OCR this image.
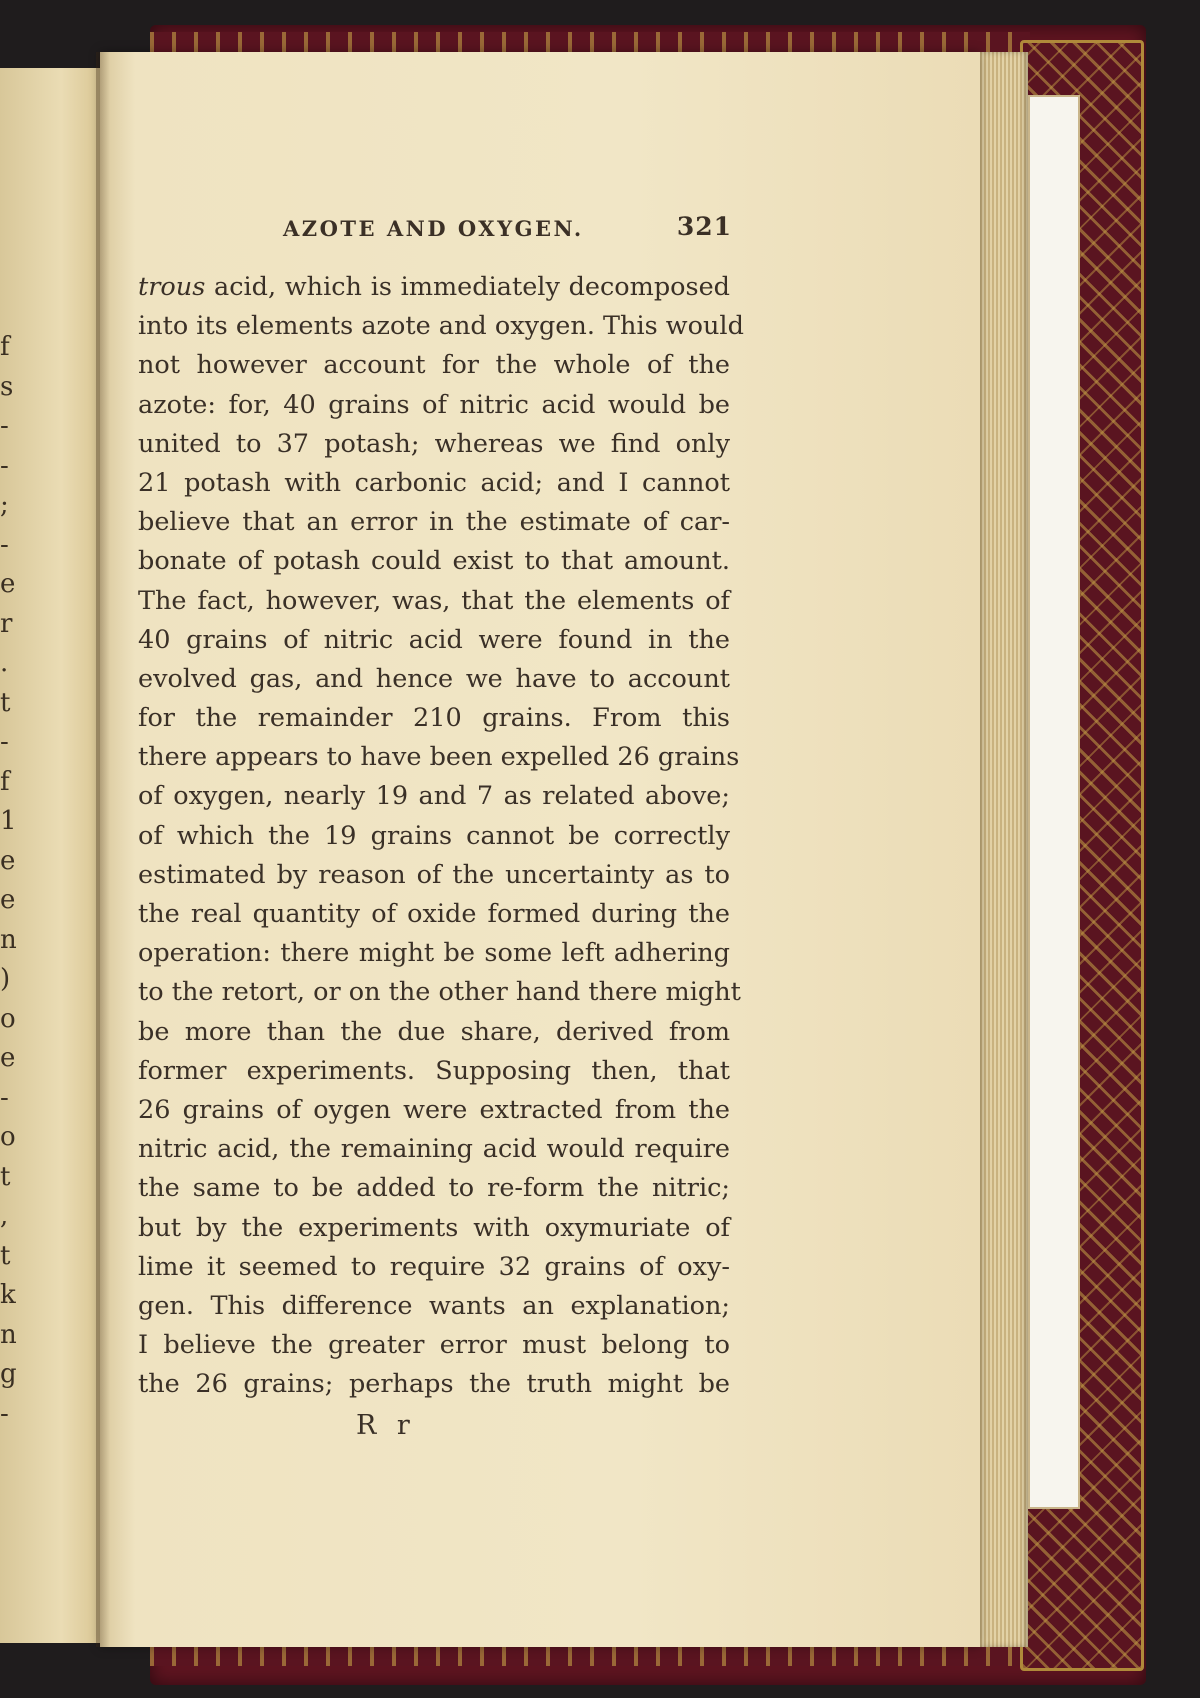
f
s
-
-
;
-
e
r
.
t
-
f
1
e
e
n
)
o
e
-
o
t
,
t
k
n
g
-
AZOTE AND OXYGEN.	321
trous acid, which is immediately decomposed
into its elements azote and oxygen. This would
not however account for the whole of the
azote: for, 40 grains of nitric acid would be
united to 37 potash; whereas we find only
21 potash with carbonic acid; and I cannot
believe that an error in the estimate of car-
bonate of potash could exist to that amount.
The fact, however, was, that the elements of
40 grains of nitric acid were found in the
evolved gas, and hence we have to account
for the remainder 210 grains. From this
there appears to have been expelled 26 grains
of oxygen, nearly 19 and 7 as related above;
of which the 19 grains cannot be correctly
estimated by reason of the uncertainty as to
the real quantity of oxide formed during the
operation: there might be some left adhering
to the retort, or on the other hand there might
be more than the due share, derived from
former experiments. Supposing then, that
26 grains of oygen were extracted from the
nitric acid, the remaining acid would require
the same to be added to re-form the nitric;
but by the experiments with oxymuriate of
lime it seemed to require 32 grains of oxy-
gen. This difference wants an explanation;
I believe the greater error must belong to
the 26 grains; perhaps the truth might be
R r
